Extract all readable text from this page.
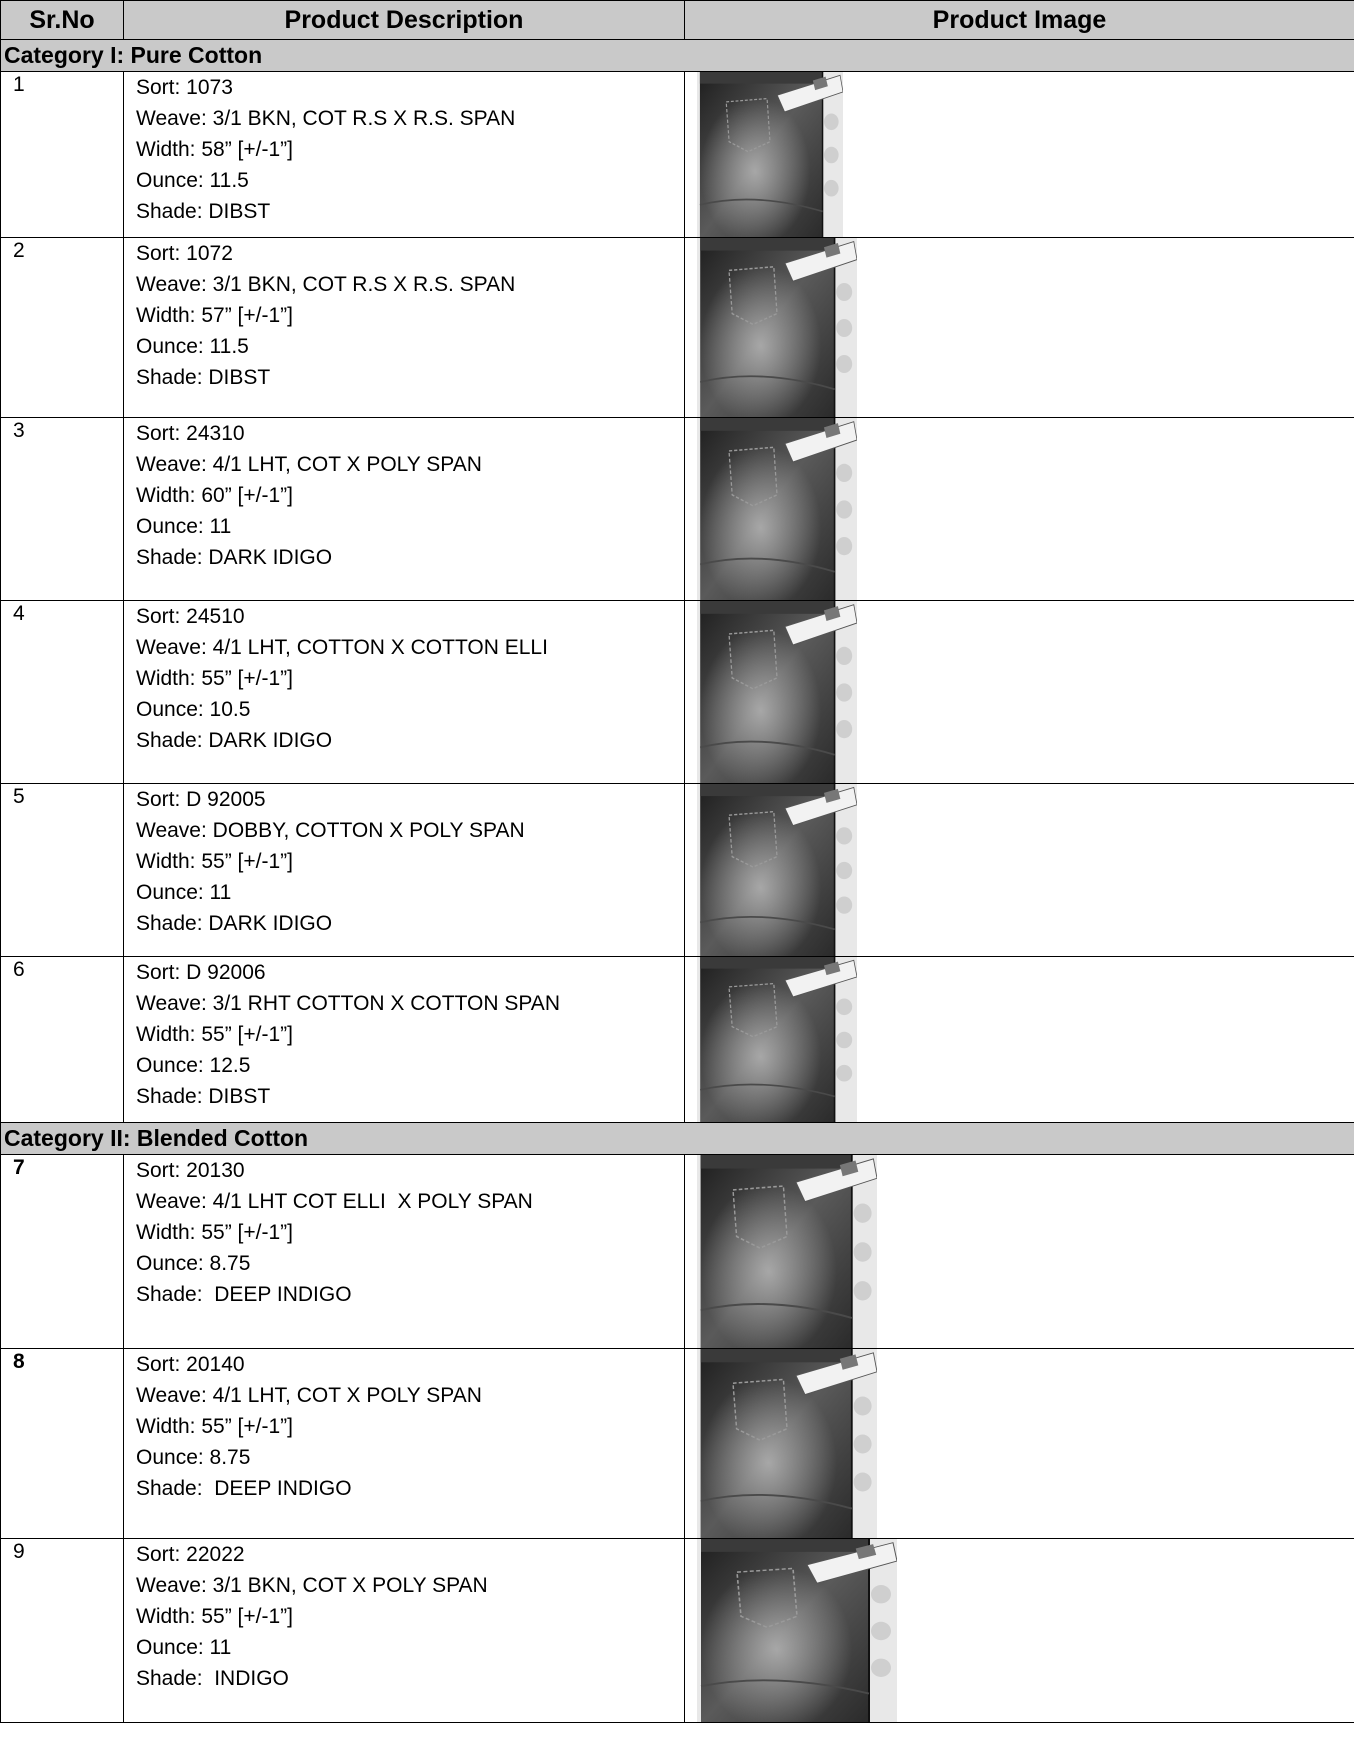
Sr.No	Product Description	Product Image
Category I: Pure Cotton		
1	Sort: 1073
Weave: 3/1 BKN, COT R.S X R.S. SPAN
Width: 58” [+/-1”]
Ounce: 11.5
Shade: DIBST

2	Sort: 1072
Weave: 3/1 BKN, COT R.S X R.S. SPAN
Width: 57” [+/-1”]
Ounce: 11.5
Shade: DIBST

3	Sort: 24310
Weave: 4/1 LHT, COT X POLY SPAN
Width: 60” [+/-1”]
Ounce: 11
Shade: DARK IDIGO

4	Sort: 24510
Weave: 4/1 LHT, COTTON X COTTON ELLI
Width: 55” [+/-1”]
Ounce: 10.5
Shade: DARK IDIGO

5	Sort: D 92005
Weave: DOBBY, COTTON X POLY SPAN
Width: 55” [+/-1”]
Ounce: 11
Shade: DARK IDIGO

6	Sort: D 92006
Weave: 3/1 RHT COTTON X COTTON SPAN
Width: 55” [+/-1”]
Ounce: 12.5
Shade: DIBST

Category II: Blended Cotton		
7	Sort: 20130
Weave: 4/1 LHT COT ELLI  X POLY SPAN
Width: 55” [+/-1”]
Ounce: 8.75
Shade:  DEEP INDIGO

8	Sort: 20140
Weave: 4/1 LHT, COT X POLY SPAN
Width: 55” [+/-1”]
Ounce: 8.75
Shade:  DEEP INDIGO

9	Sort: 22022
Weave: 3/1 BKN, COT X POLY SPAN
Width: 55” [+/-1”]
Ounce: 11
Shade:  INDIGO
